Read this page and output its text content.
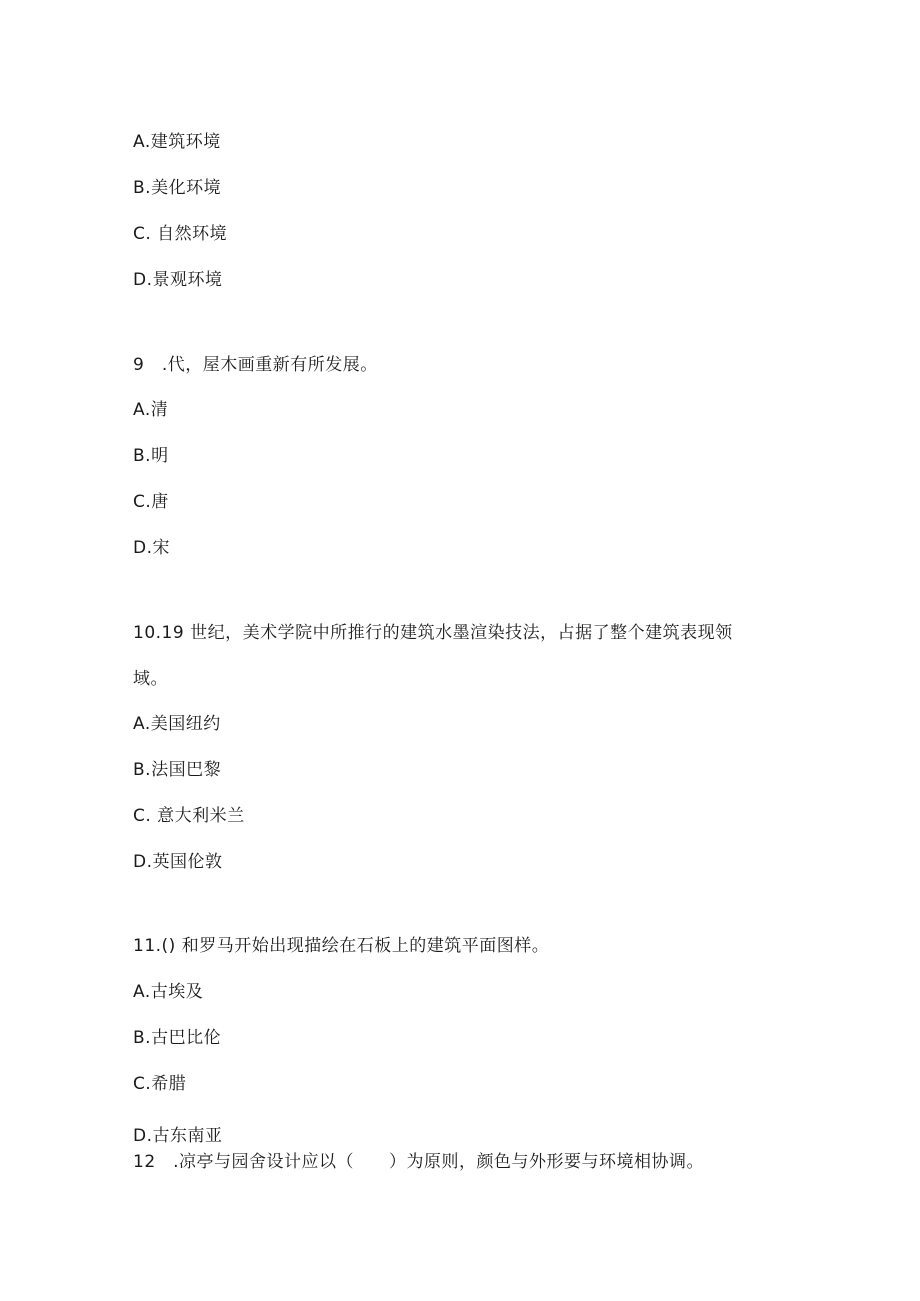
A.建筑环境
B.美化环境
C. 自然环境
D.景观环境
9　.代，屋木画重新有所发展。
A.清
B.明
C.唐
D.宋
10.19 世纪，美术学院中所推行的建筑水墨渲染技法，占据了整个建筑表现领
域。
A.美国纽约
B.法国巴黎
C. 意大利米兰
D.英国伦敦
11.() 和罗马开始出现描绘在石板上的建筑平面图样。
A.古埃及
B.古巴比伦
C.希腊
D.古东南亚
12　.凉亭与园舍设计应以（　　）为原则，颜色与外形要与环境相协调。
